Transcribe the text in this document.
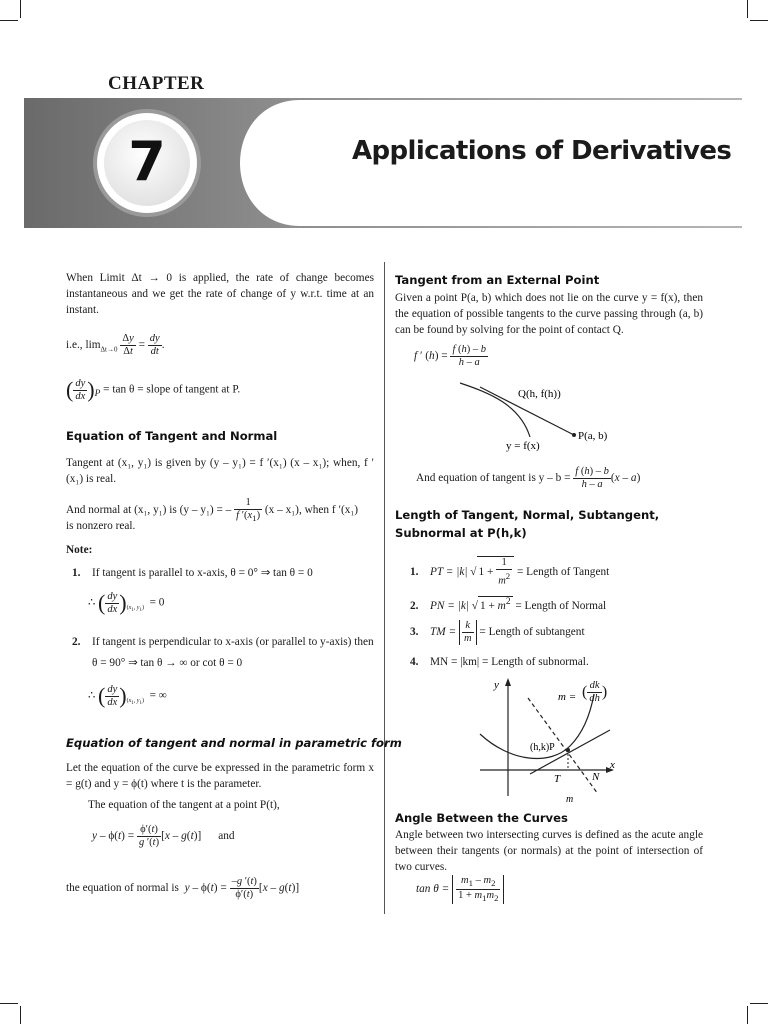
CHAPTER
7	Applications of Derivatives

When Limit Δt → 0 is applied, the rate of change becomes instantaneous and we get the rate of change of y w.r.t. time at an instant.

i.e., $\lim_{\Delta t\to 0} \frac{\Delta y}{\Delta t} = \frac{dy}{dt}$ .
( $\frac{dy}{dx} )_P = \tan \theta$ = slope of tangent at P.
Equation of Tangent and Normal

Tangent at (x₁, y₁) is given by (y – y₁) = f ′(x₁) (x – x₁); when, f ′(x₁) is real.

And normal at (x₁, y₁) is (y – y₁) = – $\frac{1}{f '(x_1)} (x - x_1)$, when f ′(x₁)
is nonzero real.
Note:
1. If tangent is parallel to x-axis, θ = 0° ⇒ tan θ = 0
∴ ( $\frac{dy}{dx} )_{(x_1, y_1)} = 0$
2. If tangent is perpendicular to x-axis (or parallel to y-axis) then
θ = 90° ⇒ tan θ → ∞ or cot θ = 0
∴ ( $\frac{dy}{dx} )_{(x_1, y_1)}$  = ∞
Equation of tangent and normal in parametric form

Let the equation of the curve be expressed in the parametric form x = g(t) and y = ϕ(t) where t is the parameter.

The equation of the tangent at a point P(t),
$y - \phi(t) = \frac{\phi'(t)}{g '(t)} [x - g(t)]$      and
the equation of normal is $y - \phi(t) = \frac{-g '(t)}{\phi'(t)} [x - g(t)]$
Tangent from an External Point

Given a point P(a, b) which does not lie on the curve y = f(x), then the equation of possible tangents to the curve passing through (a, b) can be found by solving for the point of contact Q.

f ′ $(h) = \frac{f (h) - b}{h - a}$
Q(h, f(h))
P(a, b)
y = f(x)
And equation of tangent is $y - b = \frac{f (h) - b}{h - a} (x - a)$
Length of Tangent, Normal, Subtangent, Subnormal at P(h,k)
1. PT = |k| √ $1 + \frac{1}{m^2}$ = Length of Tangent
2. PN = |k| √ $1 + m^2$ = Length of Normal
3. TM = $\frac{k}{m}$ = Length of subtangent
4. MN = |km| = Length of subnormal.
y
x
m =
(h,k)P
T	N
m
( $\frac{dk}{dh}$ )
Angle Between the Curves

Angle between two intersecting curves is defined as the acute angle between their tangents (or normals) at the point of intersection of two curves.

$\tan \theta = \frac{m_1 - m_2}{1 + m_1m_2}$
